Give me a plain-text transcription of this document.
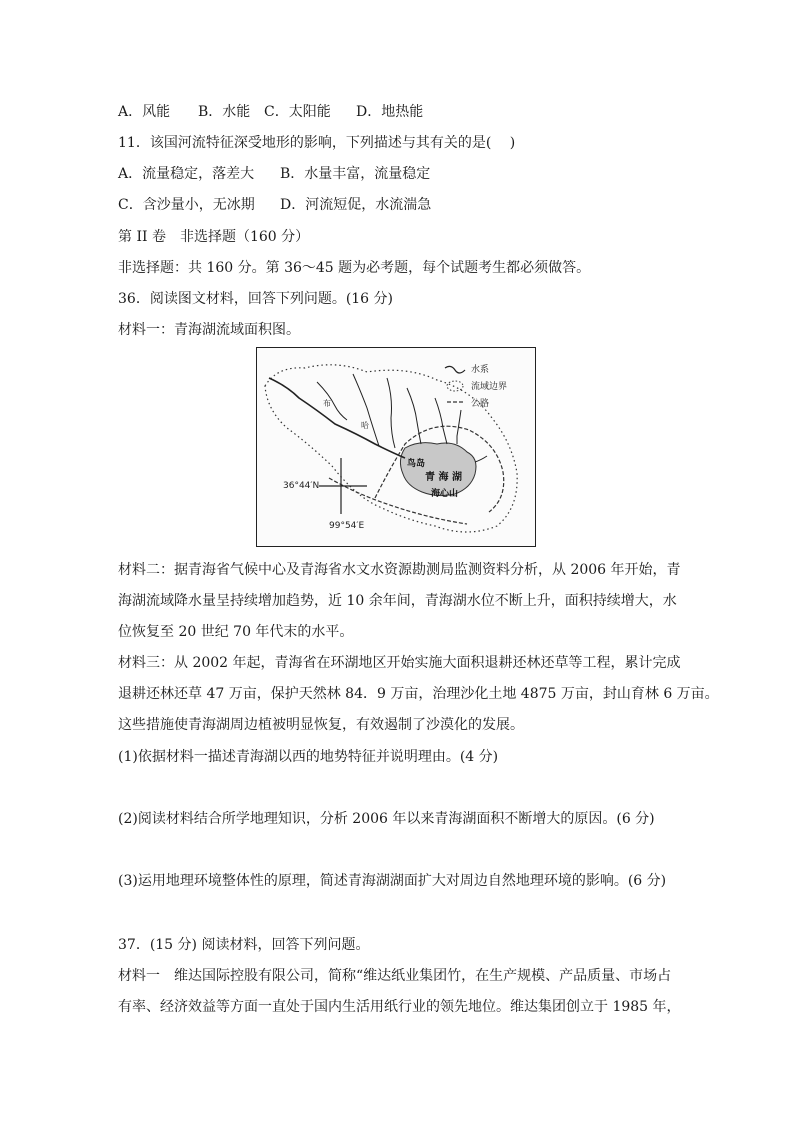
A．风能 B．水能 C．太阳能 D．地热能
11．该国河流特征深受地形的影响，下列描述与其有关的是(　 )
A．流量稳定，落差大 B．水量丰富，流量稳定
C．含沙量小，无冰期 D．河流短促，水流湍急
第 II 卷　非选择题（160 分）
非选择题：共 160 分。第 36～45 题为必考题，每个试题考生都必须做答。
36．阅读图文材料，回答下列问题。(16 分)
材料一：青海湖流域面积图。
水系
流域边界
公路
布
哈
鸟岛
青 海 湖
海心山
36°44′N
99°54′E
材料二：据青海省气候中心及青海省水文水资源勘测局监测资料分析，从 2006 年开始，青
海湖流域降水量呈持续增加趋势，近 10 余年间，青海湖水位不断上升，面积持续增大，水
位恢复至 20 世纪 70 年代末的水平。
材料三：从 2002 年起，青海省在环湖地区开始实施大面积退耕还林还草等工程，累计完成
退耕还林还草 47 万亩，保护天然林 84．9 万亩，治理沙化土地 4875 万亩，封山育林 6 万亩。
这些措施使青海湖周边植被明显恢复，有效遏制了沙漠化的发展。
(1)依据材料一描述青海湖以西的地势特征并说明理由。(4 分)
(2)阅读材料结合所学地理知识，分析 2006 年以来青海湖面积不断增大的原因。(6 分)
(3)运用地理环境整体性的原理，简述青海湖湖面扩大对周边自然地理环境的影响。(6 分)
37．(15 分) 阅读材料，回答下列问题。
材料一　维达国际控股有限公司，简称“维达纸业集团竹，在生产规模、产品质量、市场占
有率、经济效益等方面一直处于国内生活用纸行业的领先地位。维达集团创立于 1985 年，
